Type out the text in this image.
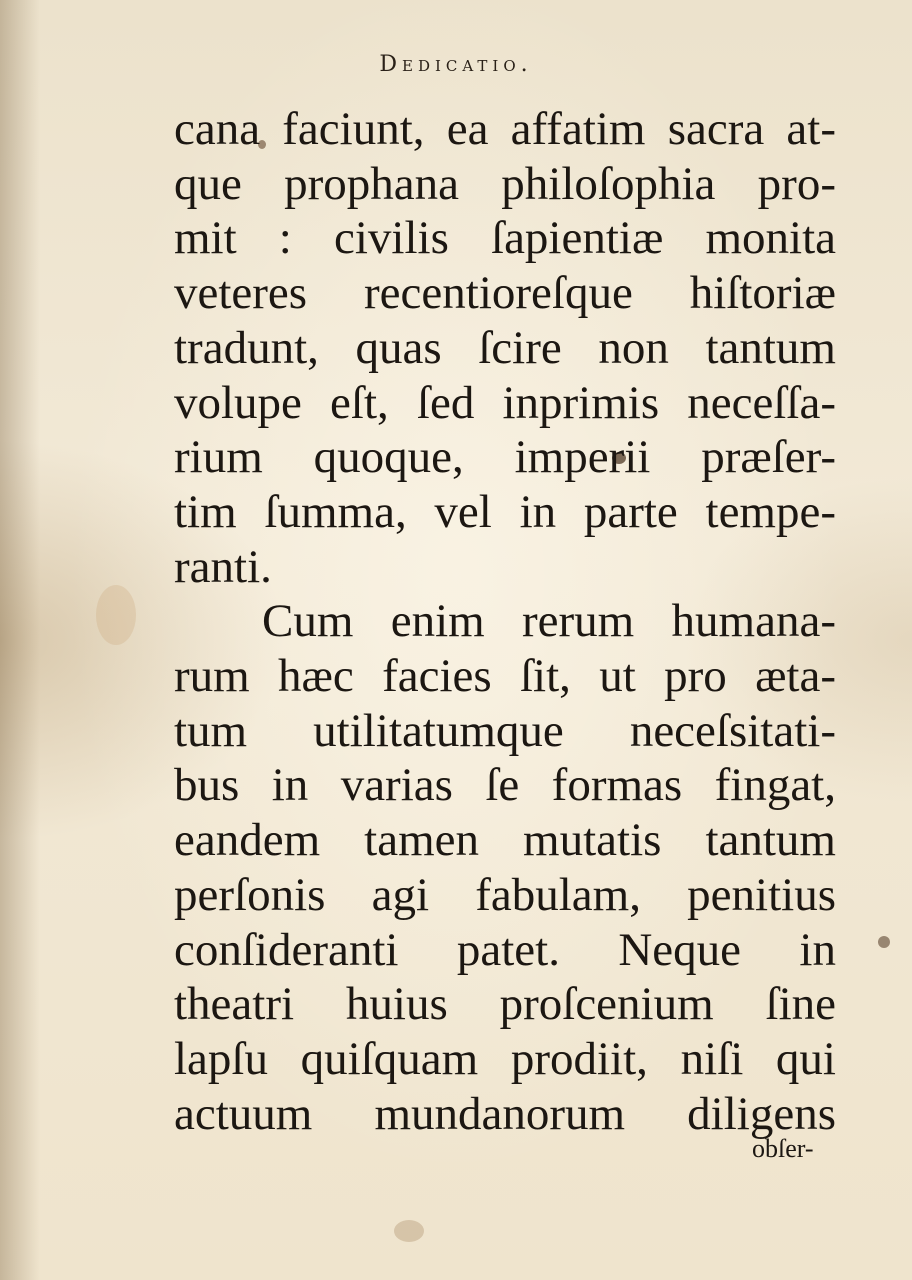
Dedicatio.
cana faciunt, ea affatim sacra at-
que prophana philoſophia pro-
mit : civilis ſapientiæ monita
veteres recentioreſque hiſtoriæ
tradunt, quas ſcire non tantum
volupe eſt, ſed inprimis neceſſa-
rium quoque, imperii præſer-
tim ſumma, vel in parte tempe-
ranti.
Cum enim rerum humana-
rum hæc facies ſit, ut pro æta-
tum utilitatumque neceſsitati-
bus in varias ſe formas fingat,
eandem tamen mutatis tantum
perſonis agi fabulam, penitius
conſideranti patet. Neque in
theatri huius proſcenium ſine
lapſu quiſquam prodiit, niſi qui
actuum mundanorum diligens
obſer-
